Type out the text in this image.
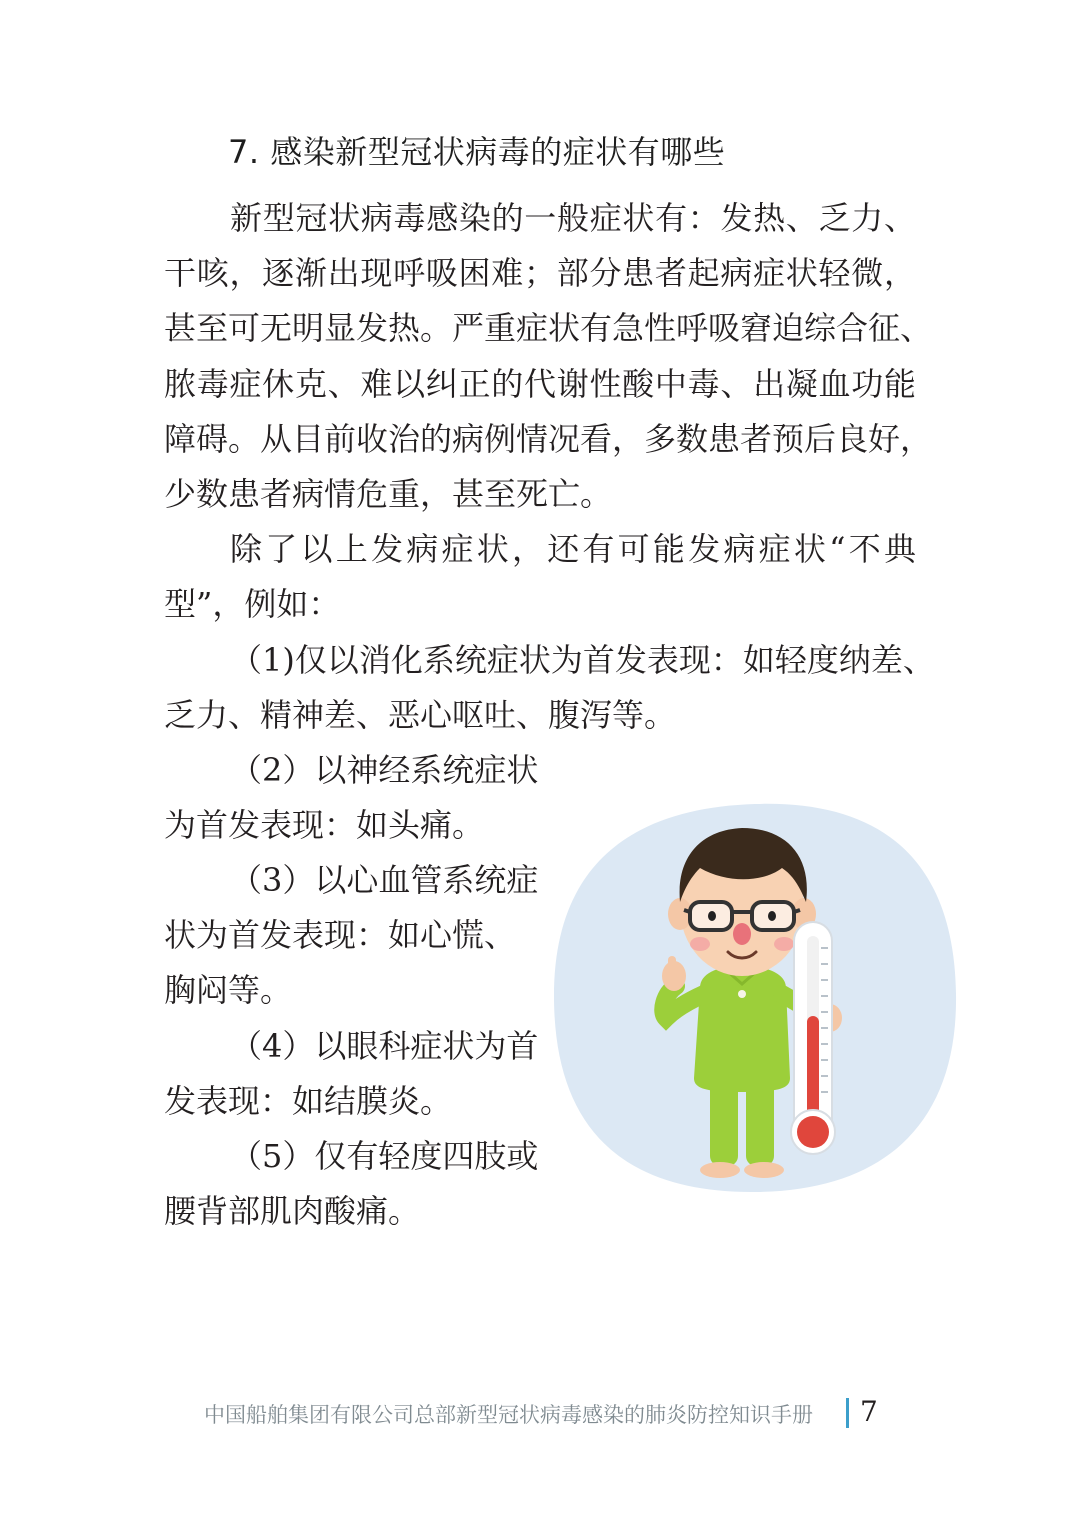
7. 感染新型冠状病毒的症状有哪些
新型冠状病毒感染的一般症状有：发热、乏力、
干咳，逐渐出现呼吸困难；部分患者起病症状轻微，
甚至可无明显发热。严重症状有急性呼吸窘迫综合征、
脓毒症休克、难以纠正的代谢性酸中毒、出凝血功能
障碍。从目前收治的病例情况看，多数患者预后良好，
少数患者病情危重，甚至死亡。
除了以上发病症状，还有可能发病症状“不典
型”，例如：
（1)仅以消化系统症状为首发表现：如轻度纳差、
乏力、精神差、恶心呕吐、腹泻等。
（2）以神经系统症状
为首发表现：如头痛。
（3）以心血管系统症
状为首发表现：如心慌、
胸闷等。
（4）以眼科症状为首
发表现：如结膜炎。
（5）仅有轻度四肢或
腰背部肌肉酸痛。
中国船舶集团有限公司总部新型冠状病毒感染的肺炎防控知识手册 7
